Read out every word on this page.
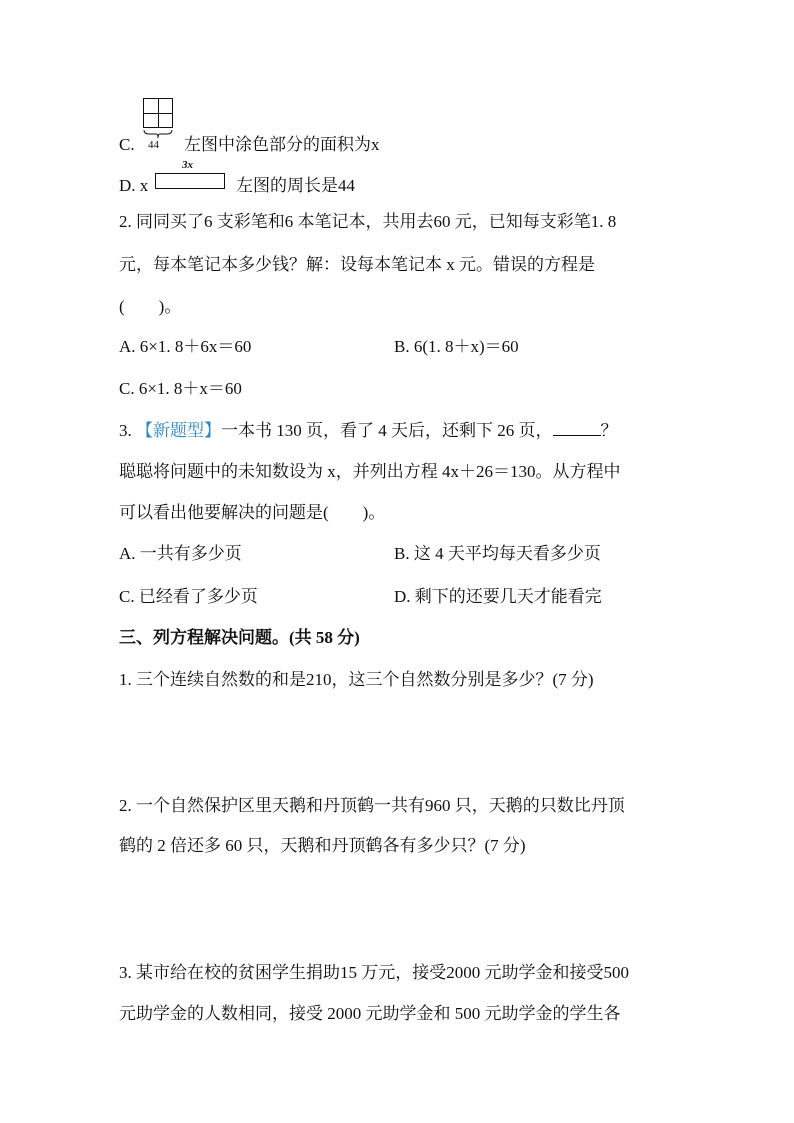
44
C.	左图中涂色部分的面积为x
3x
D. x	左图的周长是44
2. 同同买了6 支彩笔和6 本笔记本，共用去60 元，已知每支彩笔1. 8
元，每本笔记本多少钱？解：设每本笔记本 x 元。错误的方程是
(　　)。
A. 6×1. 8＋6x＝60	B. 6(1. 8＋x)＝60
C. 6×1. 8＋x＝60
3. 【新题型】一本书 130 页，看了 4 天后，还剩下 26 页，	？
聪聪将问题中的未知数设为 x，并列出方程 4x＋26＝130。从方程中
可以看出他要解决的问题是(　　)。
A. 一共有多少页	B. 这 4 天平均每天看多少页
C. 已经看了多少页	D. 剩下的还要几天才能看完
三、列方程解决问题。(共 58 分)
1. 三个连续自然数的和是210，这三个自然数分别是多少？(7 分)
2. 一个自然保护区里天鹅和丹顶鹤一共有960 只，天鹅的只数比丹顶
鹤的 2 倍还多 60 只，天鹅和丹顶鹤各有多少只？(7 分)
3. 某市给在校的贫困学生捐助15 万元，接受2000 元助学金和接受500
元助学金的人数相同，接受 2000 元助学金和 500 元助学金的学生各
